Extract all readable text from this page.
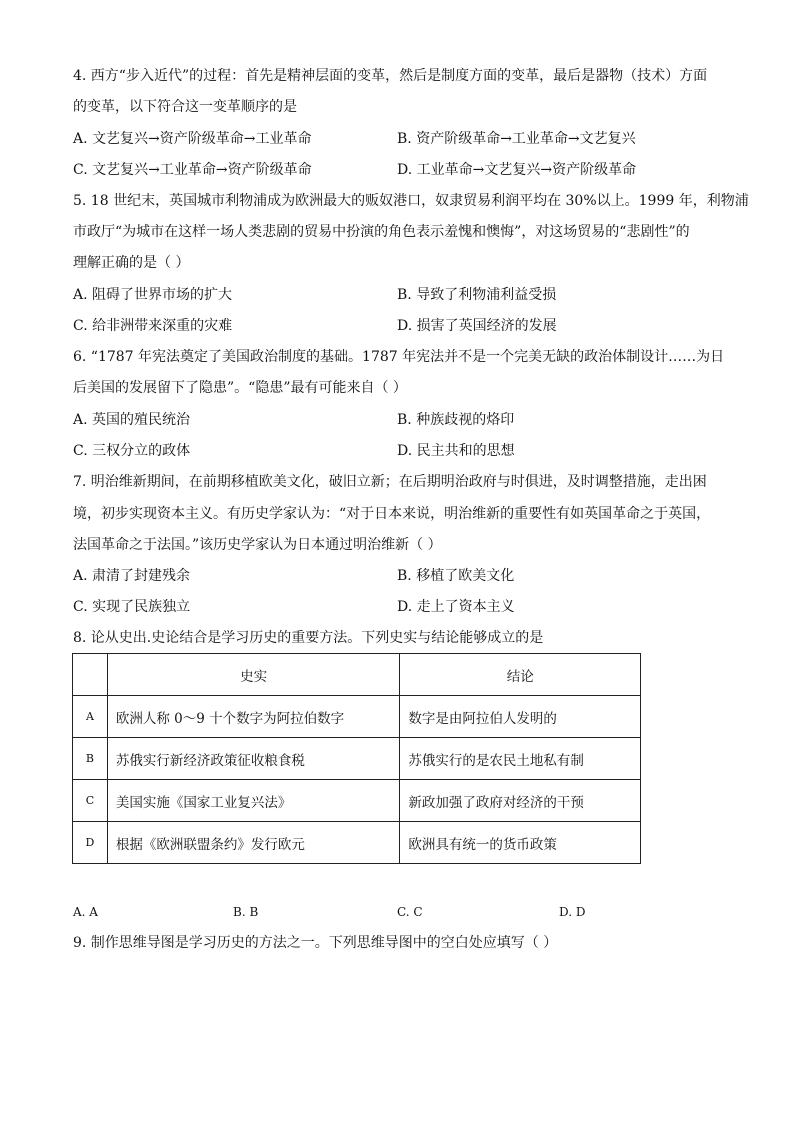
4. 西方“步入近代”的过程：首先是精神层面的变革，然后是制度方面的变革，最后是器物（技术）方面
的变革，以下符合这一变革顺序的是
A. 文艺复兴→资产阶级革命→工业革命	B. 资产阶级革命→工业革命→文艺复兴
C. 文艺复兴→工业革命→资产阶级革命	D. 工业革命→文艺复兴→资产阶级革命
5. 18 世纪末，英国城市利物浦成为欧洲最大的贩奴港口，奴隶贸易利润平均在 30%以上。1999 年，利物浦
市政厅“为城市在这样一场人类悲剧的贸易中扮演的角色表示羞愧和懊悔”，对这场贸易的“悲剧性”的
理解正确的是（ ）
A. 阻碍了世界市场的扩大	B. 导致了利物浦利益受损
C. 给非洲带来深重的灾难	D. 损害了英国经济的发展
6. “1787 年宪法奠定了美国政治制度的基础。1787 年宪法并不是一个完美无缺的政治体制设计……为日
后美国的发展留下了隐患”。“隐患”最有可能来自（ ）
A. 英国的殖民统治	B. 种族歧视的烙印
C. 三权分立的政体	D. 民主共和的思想
7. 明治维新期间，在前期移植欧美文化，破旧立新；在后期明治政府与时俱进，及时调整措施，走出困
境，初步实现资本主义。有历史学家认为：“对于日本来说，明治维新的重要性有如英国革命之于英国，
法国革命之于法国。”该历史学家认为日本通过明治维新（ ）
A. 肃清了封建残余	B. 移植了欧美文化
C. 实现了民族独立	D. 走上了资本主义
8. 论从史出.史论结合是学习历史的重要方法。下列史实与结论能够成立的是
	史实	结论
A	欧洲人称 0～9 十个数字为阿拉伯数字	数字是由阿拉伯人发明的
B	苏俄实行新经济政策征收粮食税	苏俄实行的是农民土地私有制
C	美国实施《国家工业复兴法》	新政加强了政府对经济的干预
D	根据《欧洲联盟条约》发行欧元	欧洲具有统一的货币政策
A. A	B. B	C. C	D. D
9. 制作思维导图是学习历史的方法之一。下列思维导图中的空白处应填写（ ）
